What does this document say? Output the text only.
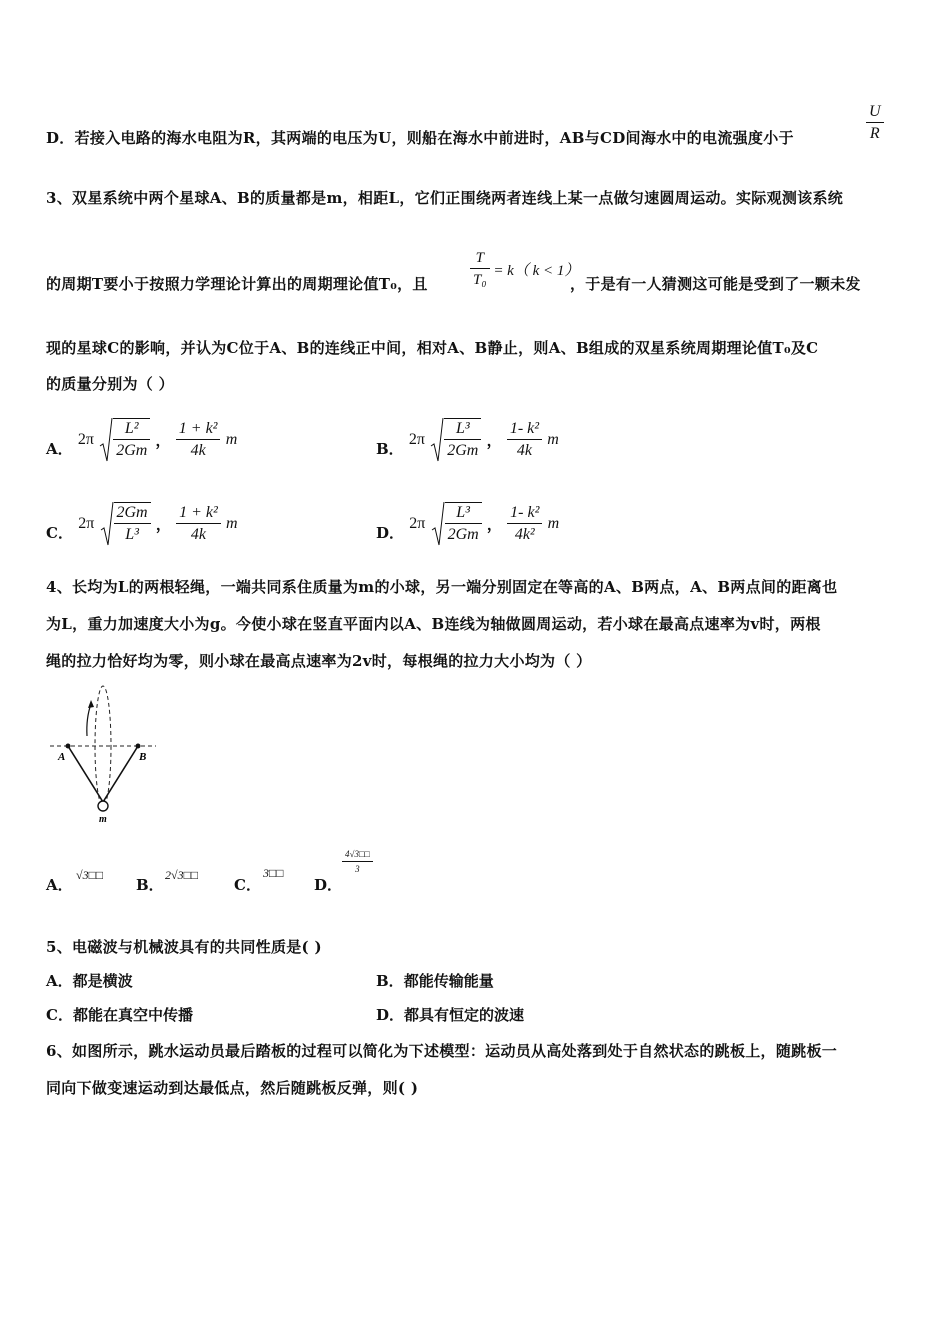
D．若接入电路的海水电阻为R，其两端的电压为U，则船在海水中前进时，AB与CD间海水中的电流强度小于	$\frac{U}{R}$
3、双星系统中两个星球A、B的质量都是m，相距L，它们正围绕两者连线上某一点做匀速圆周运动。实际观测该系统
的周期T要小于按照力学理论计算出的周期理论值T₀，且	$\frac{T}{\text{T₀}} = k$（ k < 1）
，于是有一人猜测这可能是受到了一颗未发
现的星球C的影响，并认为C位于A、B的连线正中间，相对A、B静止，则A、B组成的双星系统周期理论值T₀及C
的质量分别为（ ）
A． $2\pi \frac{\text{L²}}{2Gm}$ ， $\frac{\text{1 + k²}}{4k}$ m	B． $2\pi \frac{\text{L³}}{2Gm}$ ， $\frac{\text{1- k²}}{4k}$ m
C． $2\pi \frac{2Gm}{\text{L³}}$ ， $\frac{\text{1 + k²}}{4k}$ m	D． $2\pi \frac{\text{L³}}{2Gm}$ ， $\frac{\text{1- k²}}{\text{4k²}}$ m
4、长均为L的两根轻绳，一端共同系住质量为m的小球，另一端分别固定在等高的A、B两点，A、B两点间的距离也
为L，重力加速度大小为g。今使小球在竖直平面内以A、B连线为轴做圆周运动，若小球在最高点速率为v时，两根
绳的拉力恰好均为零，则小球在最高点速率为2v时，每根绳的拉力大小均为（ ）
A	B
m
A．
√3□□
B．
2√3□□
C．
3□□
D．
$\frac{4√3□□}{3}$
5、电磁波与机械波具有的共同性质是( )
A．都是横波	B．都能传输能量
C．都能在真空中传播	D．都具有恒定的波速
6、如图所示，跳水运动员最后踏板的过程可以简化为下述模型：运动员从高处落到处于自然状态的跳板上，随跳板一
同向下做变速运动到达最低点，然后随跳板反弹，则( )
